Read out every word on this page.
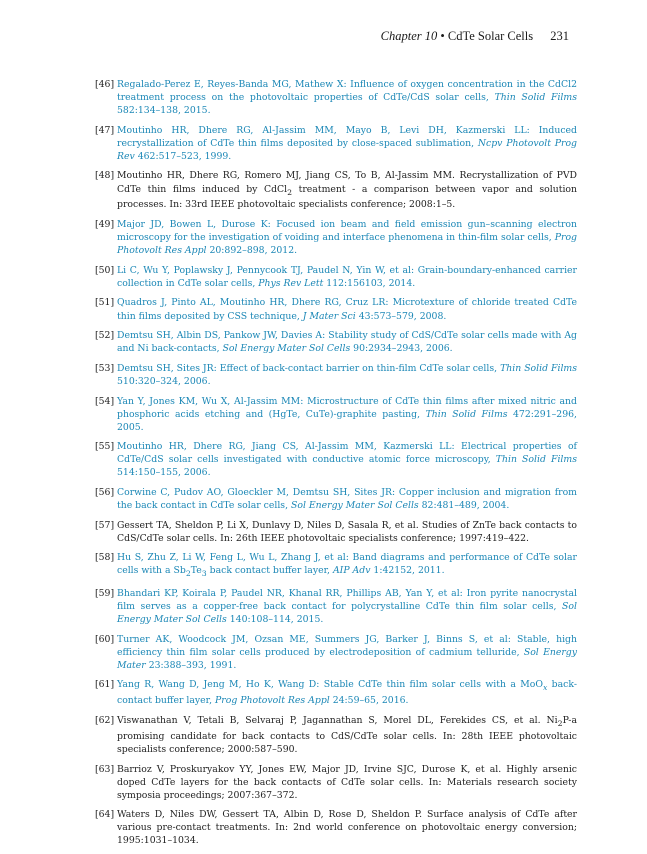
Chapter 10 • CdTe Solar Cells 231
[46] Regalado-Perez E, Reyes-Banda MG, Mathew X: Influence of oxygen concentration in the CdCl2 treatment process on the photovoltaic properties of CdTe/CdS solar cells, Thin Solid Films 582:134–138, 2015.
[47] Moutinho HR, Dhere RG, Al-Jassim MM, Mayo B, Levi DH, Kazmerski LL: Induced recrystallization of CdTe thin films deposited by close-spaced sublimation, Ncpv Photovolt Prog Rev 462:517–523, 1999.
[48] Moutinho HR, Dhere RG, Romero MJ, Jiang CS, To B, Al-Jassim MM. Recrystallization of PVD CdTe thin films induced by CdCl$_2$ treatment - a comparison between vapor and solution processes. In: 33rd IEEE photovoltaic specialists conference; 2008:1–5.
[49] Major JD, Bowen L, Durose K: Focused ion beam and field emission gun–scanning electron microscopy for the investigation of voiding and interface phenomena in thin-film solar cells, Prog Photovolt Res Appl 20:892–898, 2012.
[50] Li C, Wu Y, Poplawsky J, Pennycook TJ, Paudel N, Yin W, et al: Grain-boundary-enhanced carrier collection in CdTe solar cells, Phys Rev Lett 112:156103, 2014.
[51] Quadros J, Pinto AL, Moutinho HR, Dhere RG, Cruz LR: Microtexture of chloride treated CdTe thin films deposited by CSS technique, J Mater Sci 43:573–579, 2008.
[52] Demtsu SH, Albin DS, Pankow JW, Davies A: Stability study of CdS/CdTe solar cells made with Ag and Ni back-contacts, Sol Energy Mater Sol Cells 90:2934–2943, 2006.
[53] Demtsu SH, Sites JR: Effect of back-contact barrier on thin-film CdTe solar cells, Thin Solid Films 510:320–324, 2006.
[54] Yan Y, Jones KM, Wu X, Al-Jassim MM: Microstructure of CdTe thin films after mixed nitric and phosphoric acids etching and (HgTe, CuTe)-graphite pasting, Thin Solid Films 472:291–296, 2005.
[55] Moutinho HR, Dhere RG, Jiang CS, Al-Jassim MM, Kazmerski LL: Electrical properties of CdTe/CdS solar cells investigated with conductive atomic force microscopy, Thin Solid Films 514:150–155, 2006.
[56] Corwine C, Pudov AO, Gloeckler M, Demtsu SH, Sites JR: Copper inclusion and migration from the back contact in CdTe solar cells, Sol Energy Mater Sol Cells 82:481–489, 2004.
[57] Gessert TA, Sheldon P, Li X, Dunlavy D, Niles D, Sasala R, et al. Studies of ZnTe back contacts to CdS/CdTe solar cells. In: 26th IEEE photovoltaic specialists conference; 1997:419–422.
[58] Hu S, Zhu Z, Li W, Feng L, Wu L, Zhang J, et al: Band diagrams and performance of CdTe solar cells with a $Sb_2Te_3$ back contact buffer layer, AIP Adv 1:42152, 2011.
[59] Bhandari KP, Koirala P, Paudel NR, Khanal RR, Phillips AB, Yan Y, et al: Iron pyrite nanocrystal film serves as a copper-free back contact for polycrystalline CdTe thin film solar cells, Sol Energy Mater Sol Cells 140:108–114, 2015.
[60] Turner AK, Woodcock JM, Ozsan ME, Summers JG, Barker J, Binns S, et al: Stable, high efficiency thin film solar cells produced by electrodeposition of cadmium telluride, Sol Energy Mater 23:388–393, 1991.
[61] Yang R, Wang D, Jeng M, Ho K, Wang D: Stable CdTe thin film solar cells with a MoO$_x$ back-contact buffer layer, Prog Photovolt Res Appl 24:59–65, 2016.
[62] Viswanathan V, Tetali B, Selvaraj P, Jagannathan S, Morel DL, Ferekides CS, et al. $Ni_2P-a$ promising candidate for back contacts to CdS/CdTe solar cells. In: 28th IEEE photovoltaic specialists conference; 2000:587–590.
[63] Barrioz V, Proskuryakov YY, Jones EW, Major JD, Irvine SJC, Durose K, et al. Highly arsenic doped CdTe layers for the back contacts of CdTe solar cells. In: Materials research society symposia proceedings; 2007:367–372.
[64] Waters D, Niles DW, Gessert TA, Albin D, Rose D, Sheldon P. Surface analysis of CdTe after various pre-contact treatments. In: 2nd world conference on photovoltaic energy conversion; 1995:1031–1034.
